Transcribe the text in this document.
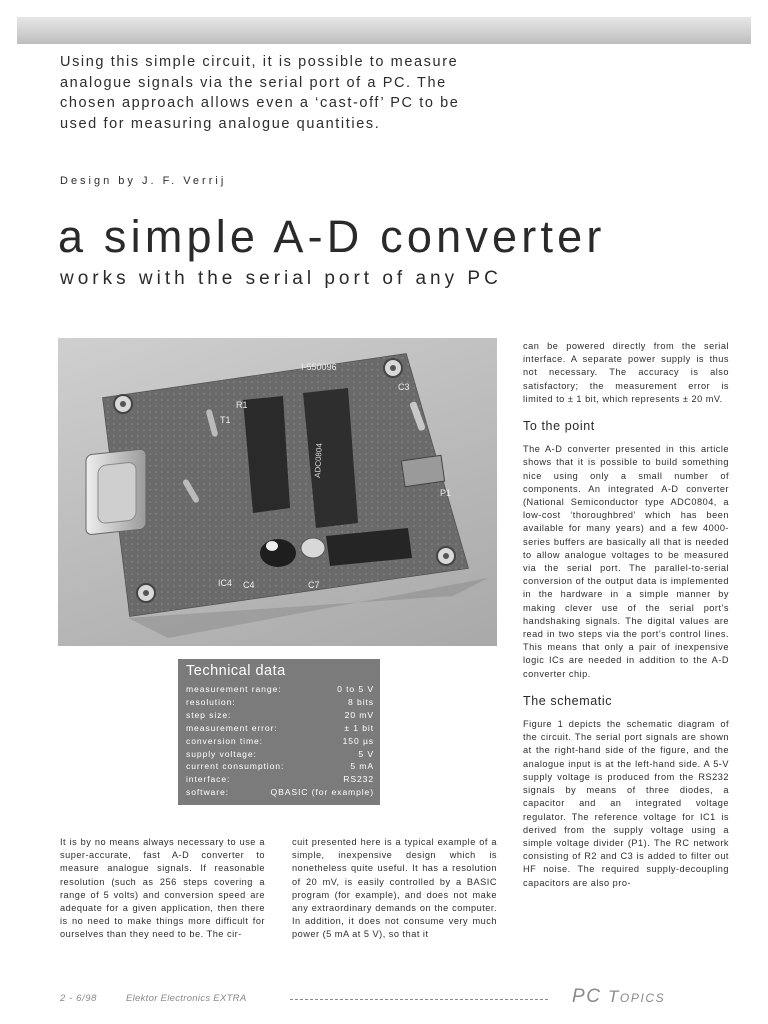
Using this simple circuit, it is possible to measure analogue signals via the serial port of a PC. The chosen approach allows even a ‘cast-off’ PC to be used for measuring analogue quantities.
Design by J. F. Verrij
a simple A-D converter
works with the serial port of any PC
I-550096
ADC0804
T1
R1
C3
C4	C7
IC4
P1
Technical data
measurement range:	0 to 5 V
resolution:	8 bits
step size:	20 mV
measurement error:	± 1 bit
conversion time:	150 µs
supply voltage:	5 V
current consumption:	5 mA
interface:	RS232
software:	QBASIC (for example)

It is by no means always necessary to use a super-accurate, fast A-D converter to measure analogue signals. If reasonable resolution (such as 256 steps covering a range of 5 volts) and conversion speed are adequate for a given application, then there is no need to make things more difficult for ourselves than they need to be. The cir-

cuit presented here is a typical example of a simple, inexpensive design which is nonetheless quite useful. It has a resolution of 20 mV, is easily controlled by a BASIC program (for example), and does not make any extraordinary demands on the computer. In addition, it does not consume very much power (5 mA at 5 V), so that it

can be powered directly from the serial interface. A separate power supply is thus not necessary. The accuracy is also satisfactory; the measurement error is limited to ± 1 bit, which represents ± 20 mV.

To the point

The A-D converter presented in this article shows that it is possible to build something nice using only a small number of components. An integrated A-D converter (National Semiconductor type ADC0804, a low-cost ‘thoroughbred’ which has been available for many years) and a few 4000-series buffers are basically all that is needed to allow analogue voltages to be measured via the serial port. The parallel-to-serial conversion of the output data is implemented in the hardware in a simple manner by making clever use of the serial port’s handshaking signals. The digital values are read in two steps via the port’s control lines. This means that only a pair of inexpensive logic ICs are needed in addition to the A-D converter chip.

The schematic

Figure 1 depicts the schematic diagram of the circuit. The serial port signals are shown at the right-hand side of the figure, and the analogue input is at the left-hand side. A 5-V supply voltage is produced from the RS232 signals by means of three diodes, a capacitor and an integrated voltage regulator. The reference voltage for IC1 is derived from the supply voltage using a simple voltage divider (P1). The RC network consisting of R2 and C3 is added to filter out HF noise. The required supply-decoupling capacitors are also pro-

2 - 6/98	Elektor Electronics EXTRA	PC Topics
